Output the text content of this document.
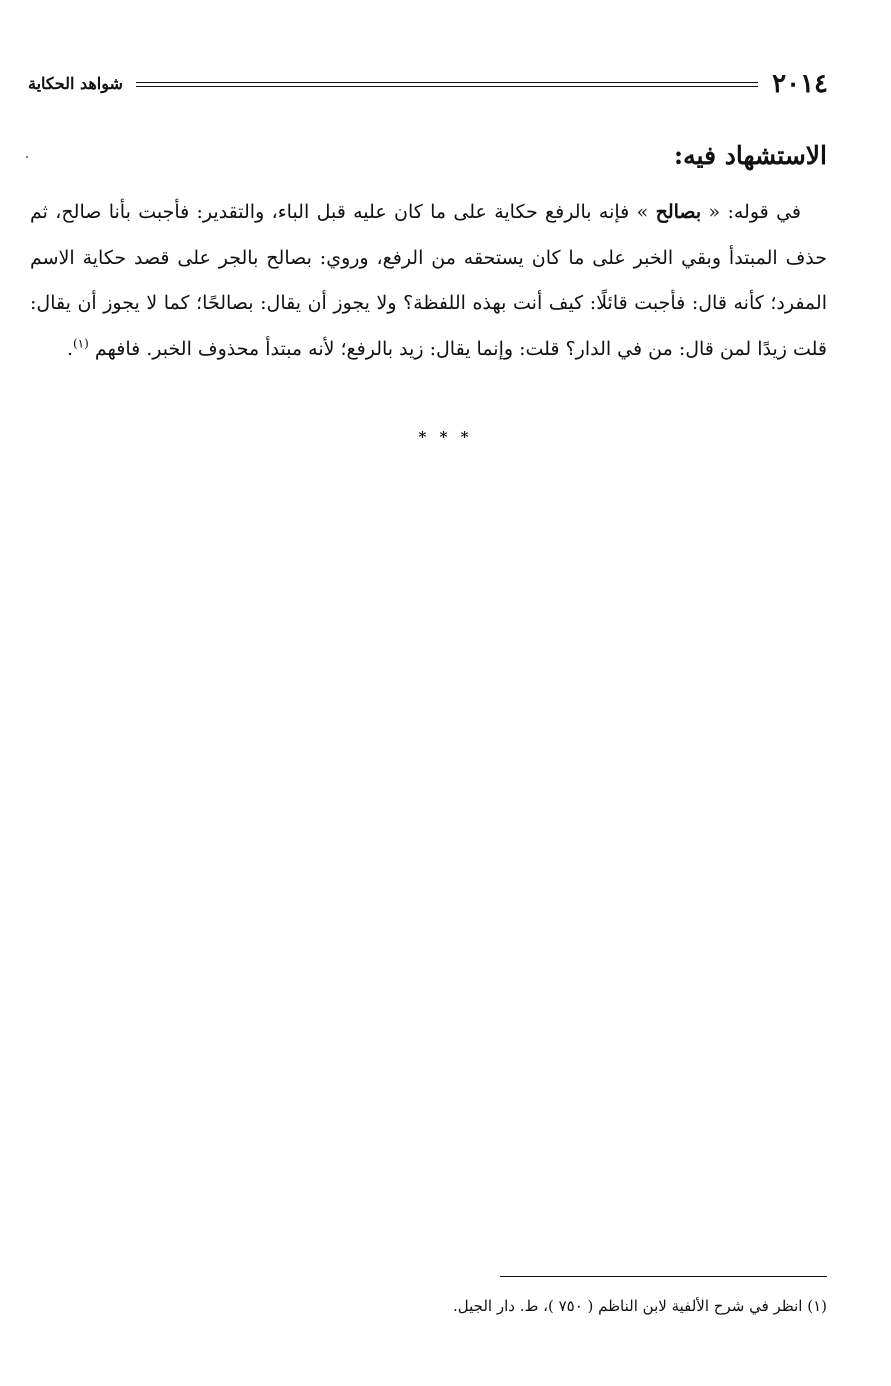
٢٠١٤
شواهد الحكاية
الاستشهاد فيه:

في قوله: « بصالح » فإنه بالرفع حكاية على ما كان عليه قبل الباء، والتقدير: فأجبت بأنا صالح، ثم حذف المبتدأ وبقي الخبر على ما كان يستحقه من الرفع، وروي: بصالح بالجر على قصد حكاية الاسم المفرد؛ كأنه قال: فأجبت قائلًا: كيف أنت بهذه اللفظة؟ ولا يجوز أن يقال: بصالحًا؛ كما لا يجوز أن يقال: قلت زيدًا لمن قال: من في الدار؟ قلت: وإنما يقال: زيد بالرفع؛ لأنه مبتدأ محذوف الخبر. فافهم $^{(١)}$.

* * *
(١) انظر في شرح الألفية لابن الناظم ( ٧٥٠ )، ط. دار الجيل.
